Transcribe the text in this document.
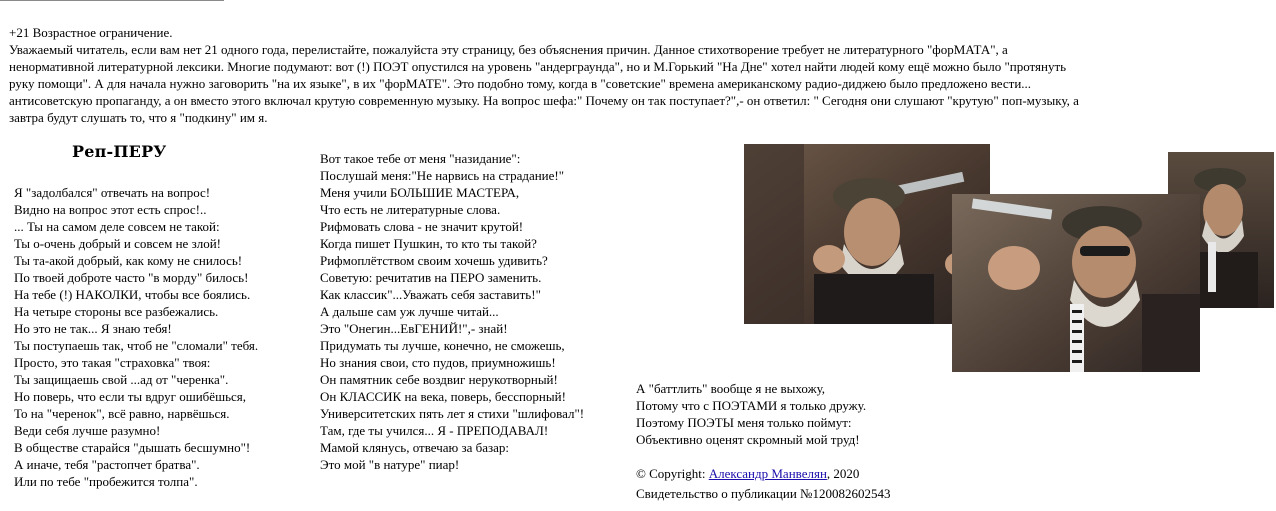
+21 Возрастное ограничение.

Уважаемый читатель, если вам нет 21 одного года, перелистайте, пожалуйста эту страницу, без объяснения причин. Данное стихотворение требует не литературного "форМАТА", а

ненормативной литературной лексики. Многие подумают: вот (!) ПОЭТ опустился на уровень "андерграунда", но и М.Горький "На Дне" хотел найти людей кому ещё можно было "протянуть

руку помощи". А для начала нужно заговорить "на их языке", в их "форМАТЕ". Это подобно тому, когда в "советские" времена американскому радио-диджею было предложено вести...

антисоветскую пропаганду, а он вместо этого включал крутую современную музыку. На вопрос шефа:" Почему он так поступает?",- он ответил: " Сегодня они слушают "крутую" поп-музыку, а

завтра будут слушать то, что я "подкину" им я.

Реп-ПЕРУ
Я "задолбался" отвечать на вопрос!
Видно на вопрос этот есть спрос!..
... Ты на самом деле совсем не такой:
Ты о-очень добрый и совсем не злой!
Ты та-акой добрый, как кому не снилось!
По твоей доброте часто "в морду" билось!
На тебе (!) НАКОЛКИ, чтобы все боялись.
На четыре стороны все разбежались.
Но это не так... Я знаю тебя!
Ты поступаешь так, чтоб не "сломали" тебя.
Просто, это такая "страховка" твоя:
Ты защищаешь свой ...ад от "черенка".
Но поверь, что если ты вдруг ошибёшься,
То на "черенок", всё равно, нарвёшься.
Веди себя лучше разумно!
В обществе старайся "дышать бесшумно"!
А иначе, тебя "растопчет братва".
Или по тебе "пробежится толпа".
Вот такое тебе от меня "назидание":
Послушай меня:"Не нарвись на страдание!"
Меня учили БОЛЬШИЕ МАСТЕРА,
Что есть не литературные слова.
Рифмовать слова - не значит крутой!
Когда пишет Пушкин, то кто ты такой?
Рифмоплётством своим хочешь удивить?
Советую: речитатив на ПЕРО заменить.
Как классик"...Уважать себя заставить!"
А дальше сам уж лучше читай...
Это "Онегин...ЕвГЕНИЙ!",- знай!
Придумать ты лучше, конечно, не сможешь,
Но знания свои, сто пудов, приумножишь!
Он памятник себе воздвиг нерукотворный!
Он КЛАССИК на века, поверь, бесспорный!
Университетских пять лет я стихи "шлифовал"!
Там, где ты учился... Я - ПРЕПОДАВАЛ!
Мамой клянусь, отвечаю за базар:
Это мой "в натуре" пиар!
А "баттлить" вообще я не выхожу,
Потому что с ПОЭТАМИ я только дружу.
Поэтому ПОЭТЫ меня только поймут:
Объективно оценят скромный мой труд!
© Copyright: Александр Манвелян, 2020
Свидетельство о публикации №120082602543
